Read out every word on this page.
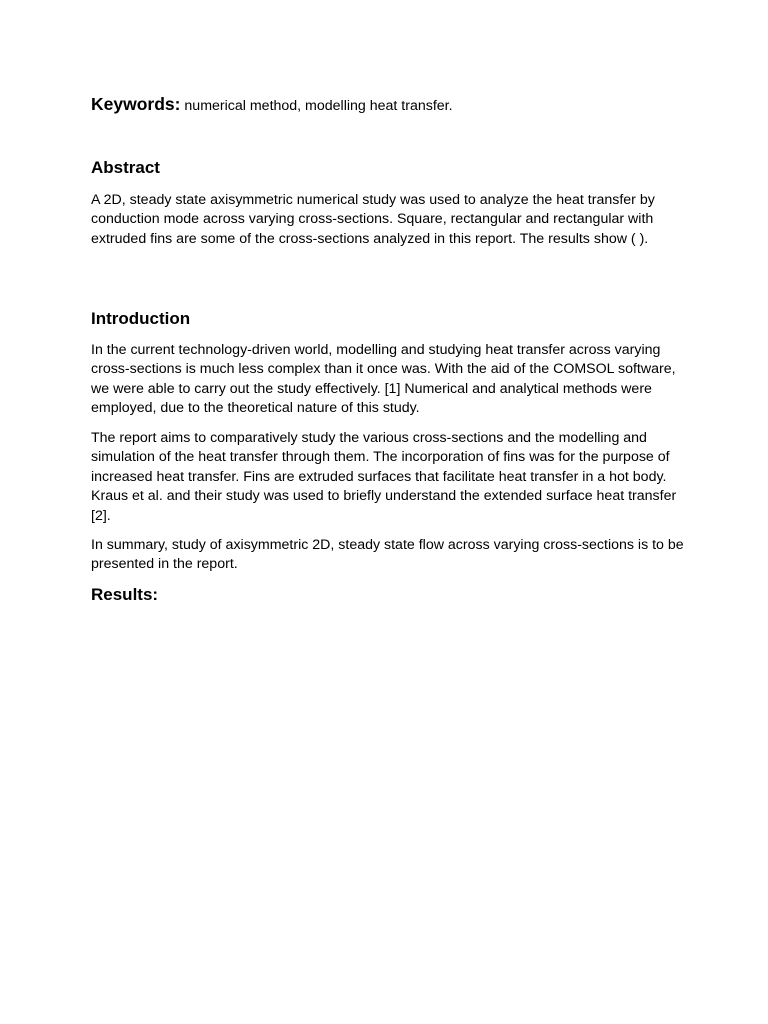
Keywords: numerical method, modelling heat transfer.

Abstract

A 2D, steady state axisymmetric numerical study was used to analyze the heat transfer by conduction mode across varying cross-sections. Square, rectangular and rectangular with extruded fins are some of the cross-sections analyzed in this report. The results show ( ).

Introduction

In the current technology-driven world, modelling and studying heat transfer across varying cross-sections is much less complex than it once was. With the aid of the COMSOL software, we were able to carry out the study effectively. [1] Numerical and analytical methods were employed, due to the theoretical nature of this study.

The report aims to comparatively study the various cross-sections and the modelling and simulation of the heat transfer through them. The incorporation of fins was for the purpose of increased heat transfer. Fins are extruded surfaces that facilitate heat transfer in a hot body. Kraus et al. and their study was used to briefly understand the extended surface heat transfer [2].

In summary, study of axisymmetric 2D, steady state flow across varying cross-sections is to be presented in the report.

Results:
